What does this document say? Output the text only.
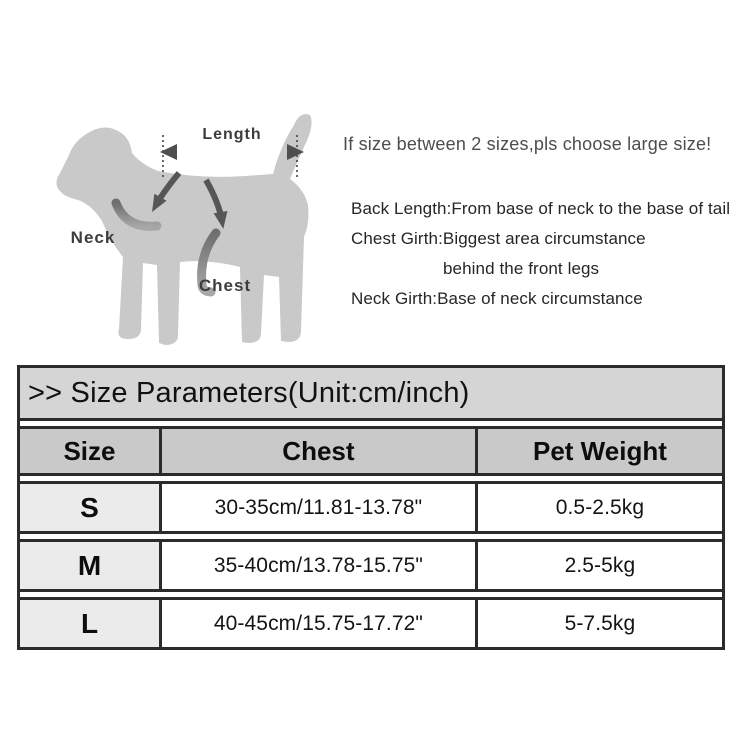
Length
Neck
Chest
If size between 2 sizes,pls choose large size!
Back Length:From base of neck to the base of tail
Chest Girth:Biggest area circumstance
behind the front legs
Neck Girth:Base of neck circumstance
>> Size Parameters(Unit:cm/inch)
Size	Chest	Pet Weight
S	30-35cm/11.81-13.78"	0.5-2.5kg
M	35-40cm/13.78-15.75"	2.5-5kg
L	40-45cm/15.75-17.72"	5-7.5kg
